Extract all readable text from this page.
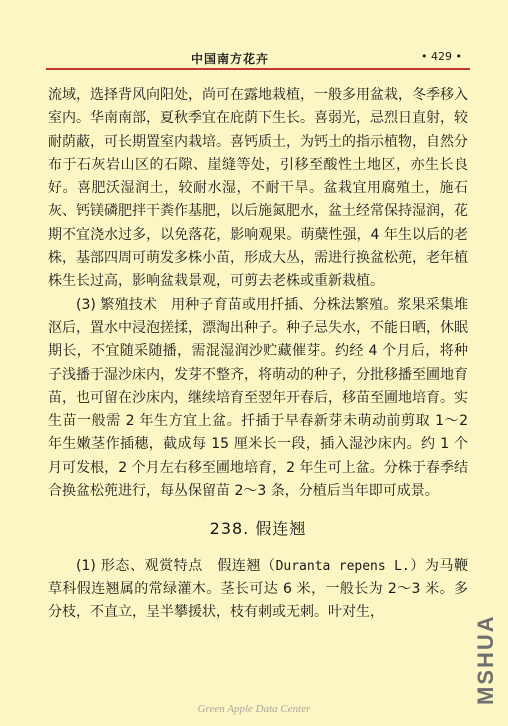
中国南方花卉	• 429 •

流域，选择背风向阳处，尚可在露地栽植，一般多用盆栽，冬季移入室内。华南南部，夏秋季宜在庇荫下生长。喜弱光，忌烈日直射，较耐荫蔽，可长期置室内栽培。喜钙质土，为钙土的指示植物，自然分布于石灰岩山区的石隙、崖缝等处，引移至酸性土地区，亦生长良好。喜肥沃湿润土，较耐水湿，不耐干旱。盆栽宜用腐殖土，施石灰、钙镁磷肥拌干粪作基肥，以后施氮肥水，盆土经常保持湿润，花期不宜浇水过多，以免落花，影响观果。萌蘖性强，4 年生以后的老株，基部四周可萌发多株小苗，形成大丛，需进行换盆松蔸，老年植株生长过高，影响盆栽景观，可剪去老株或重新栽植。

(3) 繁殖技术　用种子育苗或用扦插、分株法繁殖。浆果采集堆沤后，置水中浸泡搓揉，漂淘出种子。种子忌失水，不能日晒，休眠期长，不宜随采随播，需混湿润沙贮藏催芽。约经 4 个月后，将种子浅播于湿沙床内，发芽不整齐，将萌动的种子，分批移播至圃地育苗，也可留在沙床内，继续培育至翌年开春后，移苗至圃地培育。实生苗一般需 2 年生方宜上盆。扦插于早春新芽未萌动前剪取 1～2 年生嫩茎作插穗，截成每 15 厘米长一段，插入湿沙床内。约 1 个月可发根，2 个月左右移至圃地培育，2 年生可上盆。分株于春季结合换盆松蔸进行，每丛保留苗 2～3 条，分植后当年即可成景。

238. 假连翘

(1) 形态、观赏特点　假连翘（Duranta repens L.）为马鞭草科假连翘属的常绿灌木。茎长可达 6 米，一般长为 2～3 米。多分枝，不直立，呈半攀援状，枝有刺或无刺。叶对生，

MSHUA
Green Apple Data Center
